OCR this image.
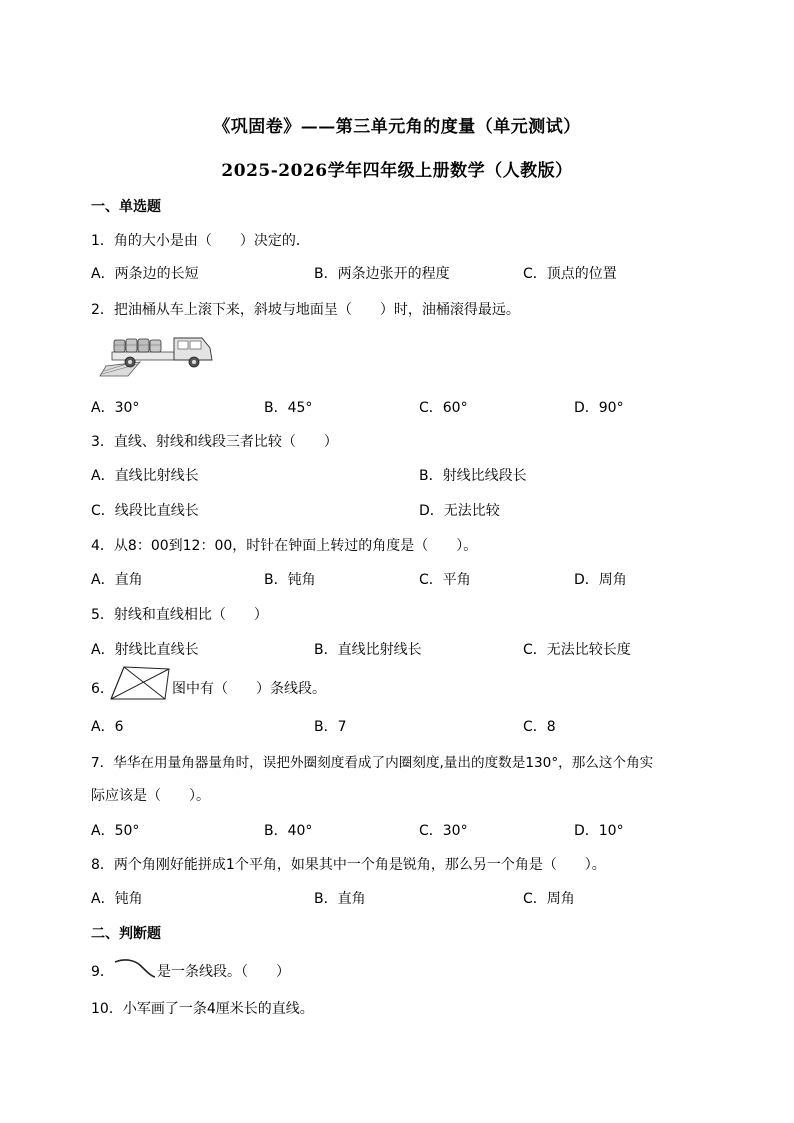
《巩固卷》——第三单元角的度量（单元测试）
2025-2026学年四年级上册数学（人教版）
一、单选题
1．角的大小是由（　　）决定的．
A．两条边的长短	B．两条边张开的程度	C．顶点的位置
2．把油桶从车上滚下来，斜坡与地面呈（　　）时，油桶滚得最远。
A．30°	B．45°	C．60°	D．90°
3．直线、射线和线段三者比较（　　）
A．直线比射线长	B．射线比线段长
C．线段比直线长	D．无法比较
4．从8：00到12：00，时针在钟面上转过的角度是（　　）。
A．直角	B．钝角	C．平角	D．周角
5．射线和直线相比（　　）
A．射线比直线长	B．直线比射线长	C．无法比较长度
6．	图中有（　　）条线段。
A．6	B．7	C．8
7．华华在用量角器量角时，误把外圈刻度看成了内圈刻度,量出的度数是130°，那么这个角实
际应该是（　　）。
A．50°	B．40°	C．30°	D．10°
8．两个角刚好能拼成1个平角，如果其中一个角是锐角，那么另一个角是（　　）。
A．钝角	B．直角	C．周角
二、判断题
9．	是一条线段。（　　）
10．小军画了一条4厘米长的直线。
